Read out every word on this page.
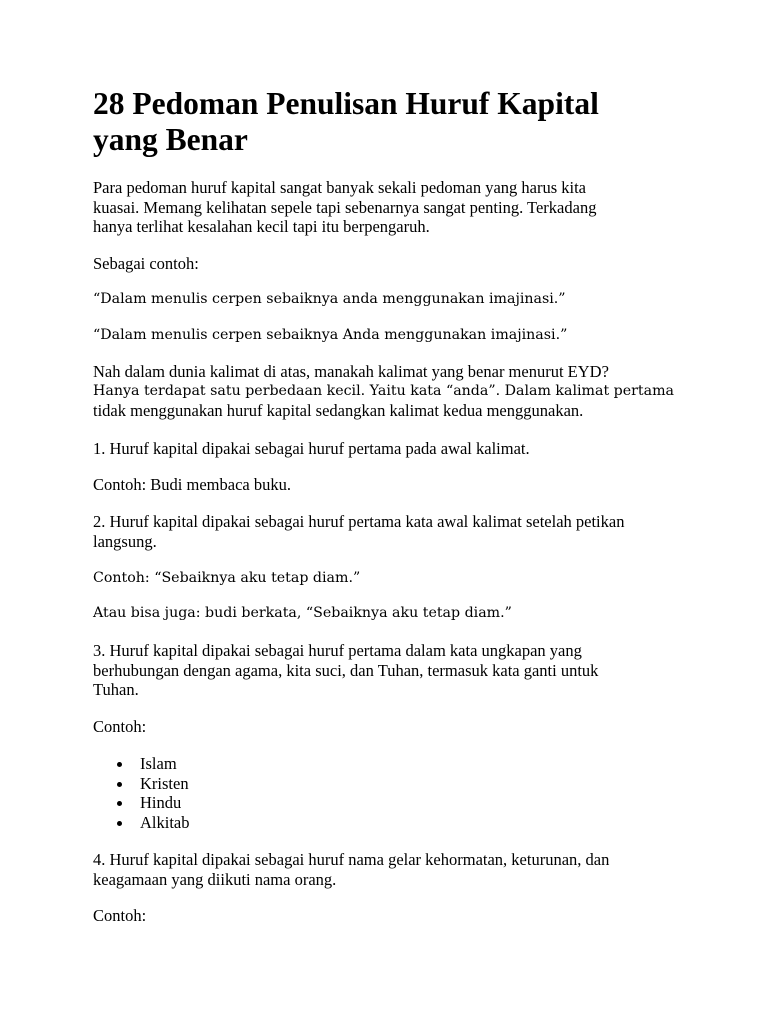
28 Pedoman Penulisan Huruf Kapital
yang Benar

Para pedoman huruf kapital sangat banyak sekali pedoman yang harus kita
kuasai. Memang kelihatan sepele tapi sebenarnya sangat penting. Terkadang
hanya terlihat kesalahan kecil tapi itu berpengaruh.

Sebagai contoh:

“Dalam menulis cerpen sebaiknya anda menggunakan imajinasi.”

“Dalam menulis cerpen sebaiknya Anda menggunakan imajinasi.”

Nah dalam dunia kalimat di atas, manakah kalimat yang benar menurut EYD?
Hanya terdapat satu perbedaan kecil. Yaitu kata “anda”. Dalam kalimat pertama
tidak menggunakan huruf kapital sedangkan kalimat kedua menggunakan.

1. Huruf kapital dipakai sebagai huruf pertama pada awal kalimat.

Contoh: Budi membaca buku.

2. Huruf kapital dipakai sebagai huruf pertama kata awal kalimat setelah petikan
langsung.

Contoh: “Sebaiknya aku tetap diam.”

Atau bisa juga: budi berkata, “Sebaiknya aku tetap diam.”

3. Huruf kapital dipakai sebagai huruf pertama dalam kata ungkapan yang
berhubungan dengan agama, kita suci, dan Tuhan, termasuk kata ganti untuk
Tuhan.

Contoh:

Islam
Kristen
Hindu
Alkitab

4. Huruf kapital dipakai sebagai huruf nama gelar kehormatan, keturunan, dan
keagamaan yang diikuti nama orang.

Contoh:
